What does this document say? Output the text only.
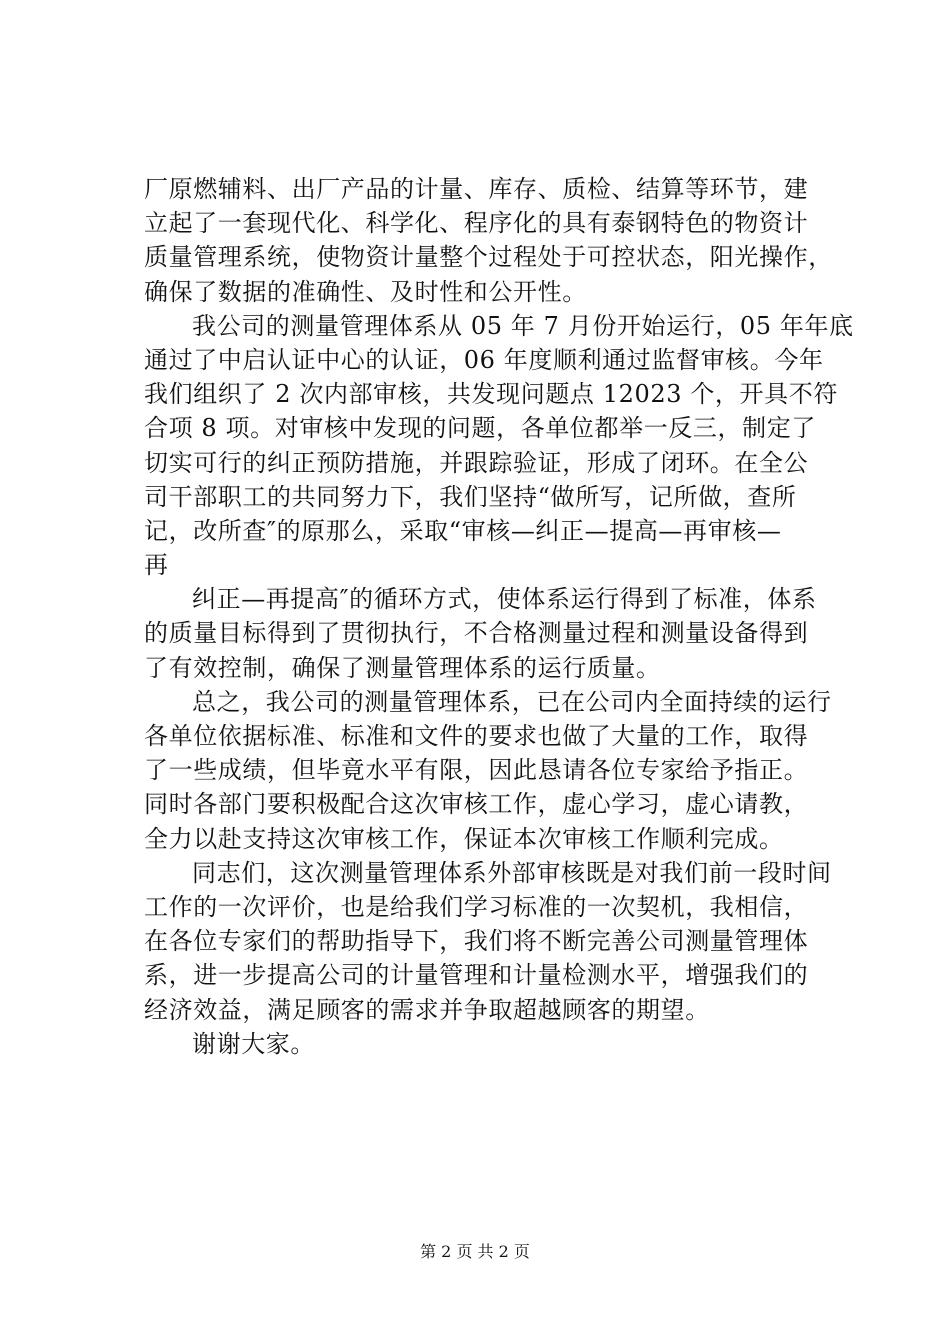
厂原燃辅料、出厂产品的计量、库存、质检、结算等环节，建
立起了一套现代化、科学化、程序化的具有泰钢特色的物资计
质量管理系统，使物资计量整个过程处于可控状态，阳光操作，
确保了数据的准确性、及时性和公开性。
我公司的测量管理体系从 05 年 7 月份开始运行，05 年年底
通过了中启认证中心的认证，06 年度顺利通过监督审核。今年
我们组织了 2 次内部审核，共发现问题点 12023 个，开具不符
合项 8 项。对审核中发现的问题，各单位都举一反三，制定了
切实可行的纠正预防措施，并跟踪验证，形成了闭环。在全公
司干部职工的共同努力下，我们坚持“做所写，记所做，查所
记，改所查″的原那么，采取“审核—纠正—提高—再审核—
再
纠正—再提高″的循环方式，使体系运行得到了标准，体系
的质量目标得到了贯彻执行，不合格测量过程和测量设备得到
了有效控制，确保了测量管理体系的运行质量。
总之，我公司的测量管理体系，已在公司内全面持续的运行
各单位依据标准、标准和文件的要求也做了大量的工作，取得
了一些成绩，但毕竟水平有限，因此恳请各位专家给予指正。
同时各部门要积极配合这次审核工作，虚心学习，虚心请教，
全力以赴支持这次审核工作，保证本次审核工作顺利完成。
同志们，这次测量管理体系外部审核既是对我们前一段时间
工作的一次评价，也是给我们学习标准的一次契机，我相信，
在各位专家们的帮助指导下，我们将不断完善公司测量管理体
系，进一步提高公司的计量管理和计量检测水平，增强我们的
经济效益，满足顾客的需求并争取超越顾客的期望。
谢谢大家。
第 2 页 共 2 页
